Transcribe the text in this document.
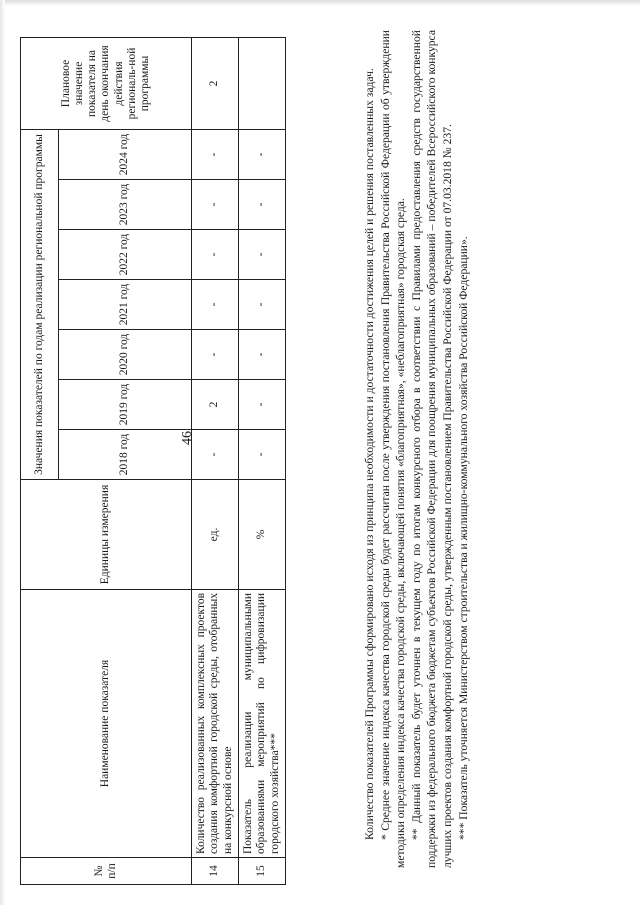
46
№ п/п	Наименование показателя	Единицы измерения	Значения показателей по годам реализации региональной программы							Плановое значение показателя на день окончания действия региональ-ной программы
			2018 год	2019 год	2020 год	2021 год	2022 год	2023 год	2024 год	
14	Количество реализованных комплексных проектов создания комфортной городской среды, отобранных на конкурсной основе	ед.	-	2	-	-	-	-	-	2
15	Показатель реализации муниципальными образованиями мероприятий по цифровизации городского хозяйства***	%	-	-	-	-	-	-	-		Количество показателей Программы сформировано исходя из принципа необходимости и достаточности достижения целей и решения поставленных задач. * Среднее значение индекса качества городской среды будет рассчитан после утверждения постановления Правительства Российской Федерации об утверждении методики определения индекса качества городской среды, включающей понятия «благоприятная», «неблагоприятная» городская среда. ** Данный показатель будет уточнен в текущем году по итогам конкурсного отбора в соответствии с Правилами предоставления средств государственной поддержки из федерального бюджета бюджетам субъектов Российской Федерации для поощрения муниципальных образований – победителей Всероссийского конкурса лучших проектов создания комфортной городской среды, утвержденным постановлением Правительства Российской Федерации от 07.03.2018 № 237. *** Показатель уточняется Министерством строительства и жилищно-коммунального хозяйства Российской Федерации».
